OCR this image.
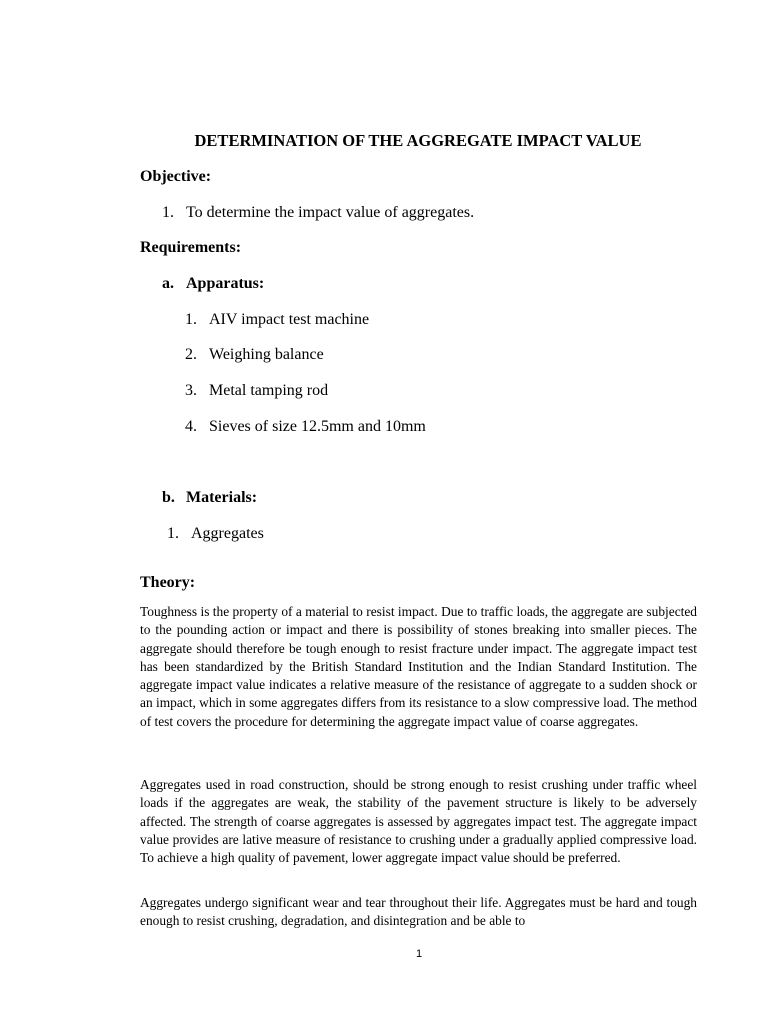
DETERMINATION OF THE AGGREGATE IMPACT VALUE
Objective:
1. To determine the impact value of aggregates.
Requirements:
a. Apparatus:
1. AIV impact test machine
2. Weighing balance
3. Metal tamping rod
4. Sieves of size 12.5mm and 10mm
b. Materials:
1. Aggregates
Theory:

Toughness is the property of a material to resist impact. Due to traffic loads, the aggregate are subjected to the pounding action or impact and there is possibility of stones breaking into smaller pieces. The aggregate should therefore be tough enough to resist fracture under impact. The aggregate impact test has been standardized by the British Standard Institution and the Indian Standard Institution. The aggregate impact value indicates a relative measure of the resistance of aggregate to a sudden shock or an impact, which in some aggregates differs from its resistance to a slow compressive load. The method of test covers the procedure for determining the aggregate impact value of coarse aggregates.

Aggregates used in road construction, should be strong enough to resist crushing under traffic wheel loads if the aggregates are weak, the stability of the pavement structure is likely to be adversely affected. The strength of coarse aggregates is assessed by aggregates impact test. The aggregate impact value provides are lative measure of resistance to crushing under a gradually applied compressive load. To achieve a high quality of pavement, lower aggregate impact value should be preferred.

Aggregates undergo significant wear and tear throughout their life. Aggregates must be hard and tough enough to resist crushing, degradation, and disintegration and be able to

1
